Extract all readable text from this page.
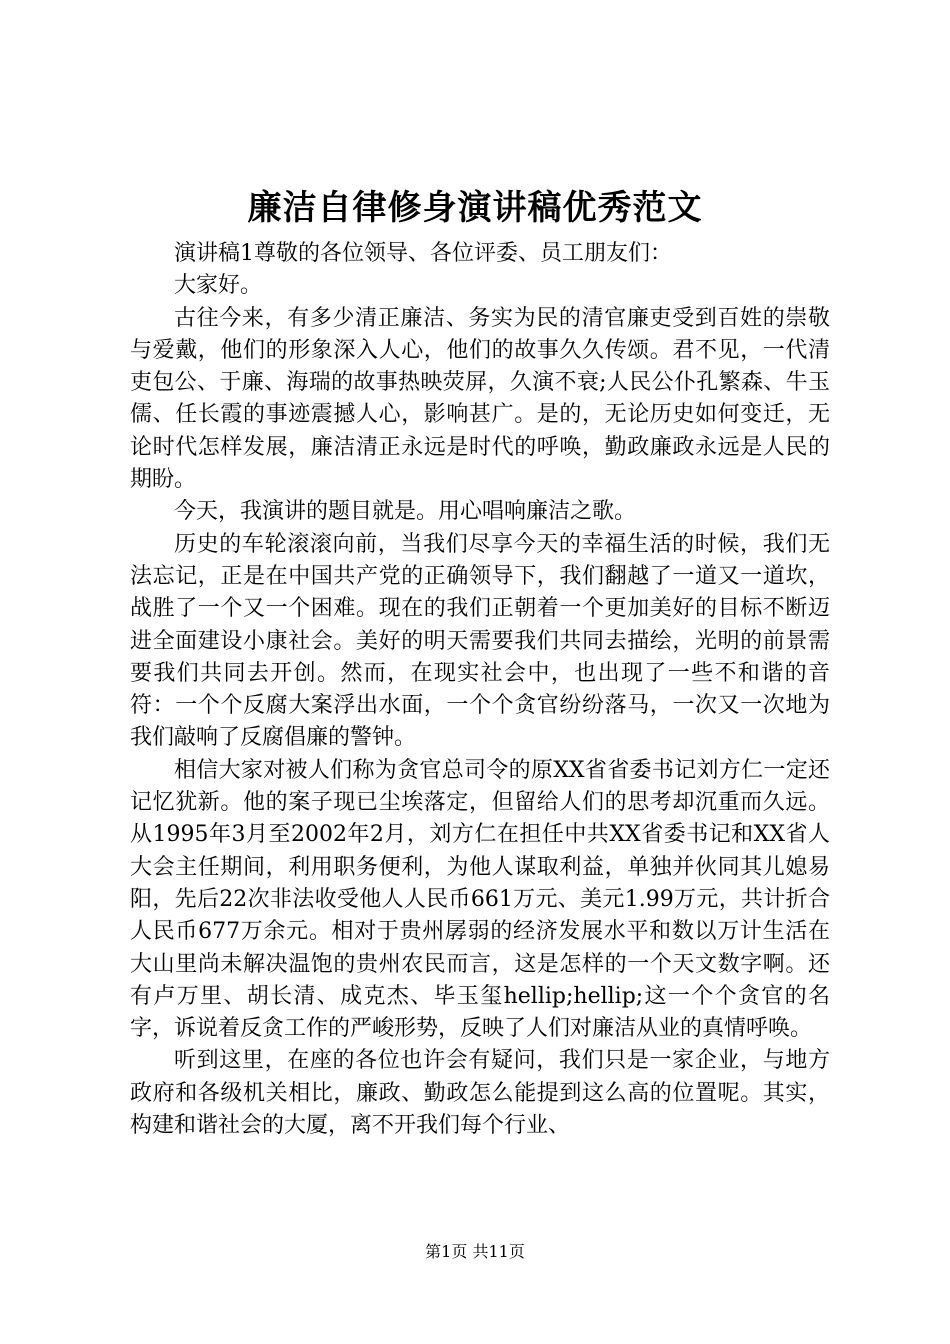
廉洁自律修身演讲稿优秀范文

演讲稿1尊敬的各位领导、各位评委、员工朋友们：

大家好。

古往今来，有多少清正廉洁、务实为民的清官廉吏受到百姓的崇敬与爱戴，他们的形象深入人心，他们的故事久久传颂。君不见，一代清吏包公、于廉、海瑞的故事热映荧屏，久演不衰;人民公仆孔繁森、牛玉儒、任长霞的事迹震撼人心，影响甚广。是的，无论历史如何变迁，无论时代怎样发展，廉洁清正永远是时代的呼唤，勤政廉政永远是人民的期盼。

今天，我演讲的题目就是。用心唱响廉洁之歌。

历史的车轮滚滚向前，当我们尽享今天的幸福生活的时候，我们无法忘记，正是在中国共产党的正确领导下，我们翻越了一道又一道坎，战胜了一个又一个困难。现在的我们正朝着一个更加美好的目标不断迈进全面建设小康社会。美好的明天需要我们共同去描绘，光明的前景需要我们共同去开创。然而，在现实社会中，也出现了一些不和谐的音符：一个个反腐大案浮出水面，一个个贪官纷纷落马，一次又一次地为我们敲响了反腐倡廉的警钟。

相信大家对被人们称为贪官总司令的原XX省省委书记刘方仁一定还记忆犹新。他的案子现已尘埃落定，但留给人们的思考却沉重而久远。从1995年3月至2002年2月，刘方仁在担任中共XX省委书记和XX省人大会主任期间，利用职务便利，为他人谋取利益，单独并伙同其儿媳易阳，先后22次非法收受他人人民币661万元、美元1.99万元，共计折合人民币677万余元。相对于贵州孱弱的经济发展水平和数以万计生活在大山里尚未解决温饱的贵州农民而言，这是怎样的一个天文数字啊。还有卢万里、胡长清、成克杰、毕玉玺hellip;hellip;这一个个贪官的名字，诉说着反贪工作的严峻形势，反映了人们对廉洁从业的真情呼唤。

听到这里，在座的各位也许会有疑问，我们只是一家企业，与地方政府和各级机关相比，廉政、勤政怎么能提到这么高的位置呢。其实，构建和谐社会的大厦，离不开我们每个行业、

第1页 共11页
